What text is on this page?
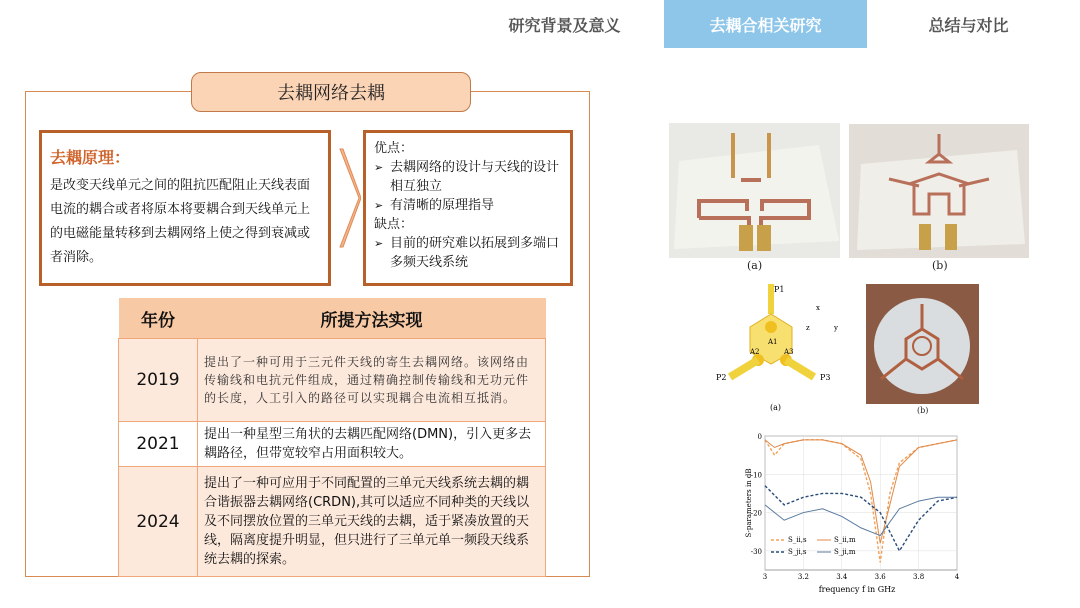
研究背景及意义	去耦合相关研究	总结与对比
去耦网络去耦
去耦原理：
是改变天线单元之间的阻抗匹配阻止天线表面电流的耦合或者将原本将要耦合到天线单元上的电磁能量转移到去耦网络上使之得到衰减或者消除。
优点：
➢ 去耦网络的设计与天线的设计相互独立
➢ 有清晰的原理指导
缺点：
➢ 目前的研究难以拓展到多端口多频天线系统
年份	所提方法实现
2019	提出了一种可用于三元件天线的寄生去耦网络。该网络由传输线和电抗元件组成，通过精确控制传输线和无功元件的长度，人工引入的路径可以实现耦合电流相互抵消。
2021	提出一种星型三角状的去耦匹配网络(DMN)，引入更多去耦路径，但带宽较窄占用面积较大。
2024	提出了一种可应用于不同配置的三单元天线系统去耦的耦合谐振器去耦网络(CRDN),其可以适应不同种类的天线以及不同摆放位置的三单元天线的去耦，适于紧凑放置的天线，隔离度提升明显，但只进行了三单元单一频段天线系统去耦的探索。
(a)	(b)
P1
P2	P3
A1
A2	A3
x
y
z
(a)	(b)
3	3.2	3.4	3.6	3.8	4
0
-10
-20
-30
frequency f in GHz
S-parameters in dB
S_ii,s	S_ii,m
S_ji,s	S_ji,m
